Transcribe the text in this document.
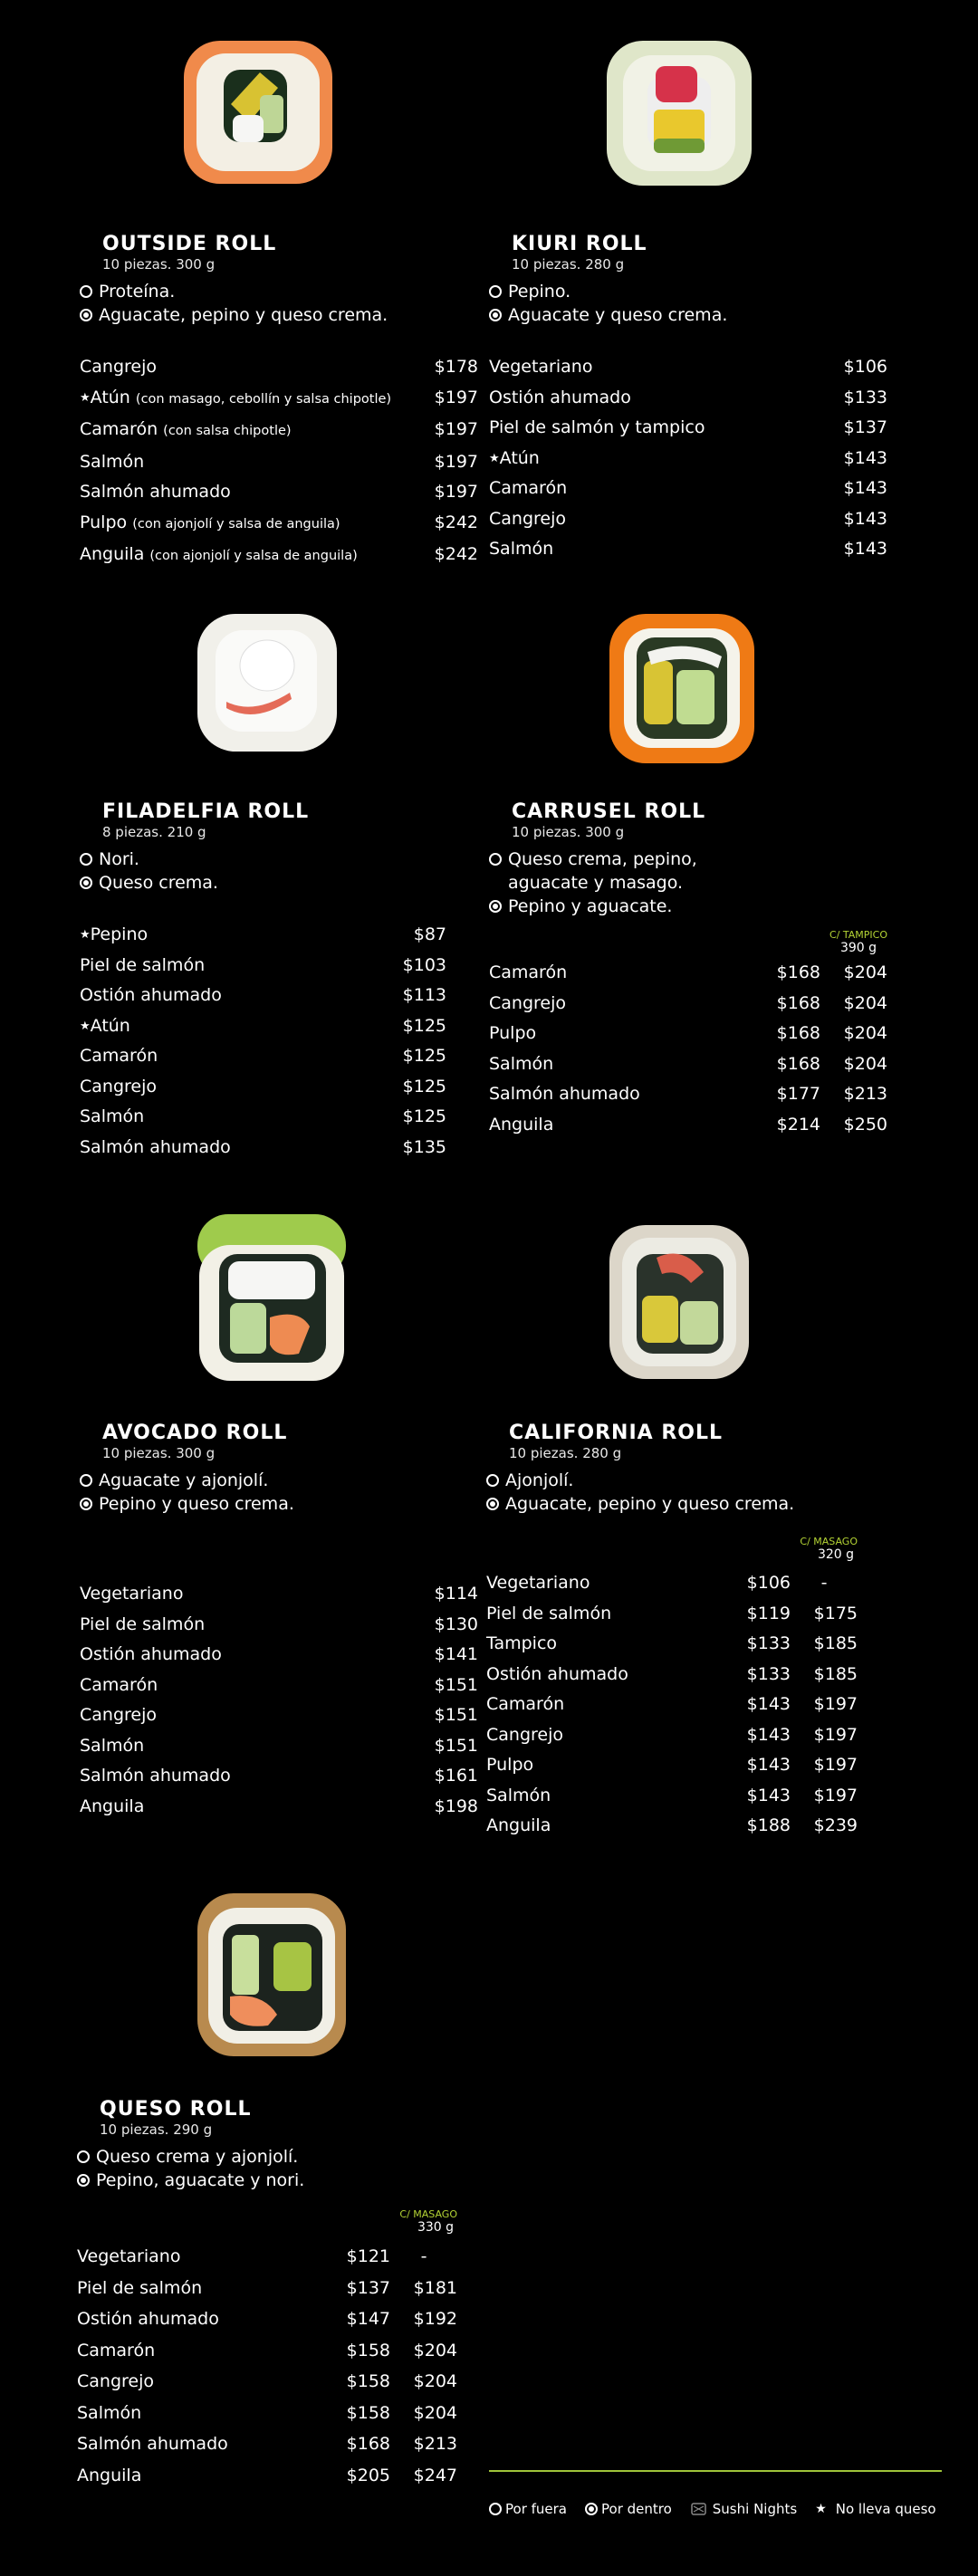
OUTSIDE ROLL
10 piezas. 300 g
Proteína.
Aguacate, pepino y queso crema.
Cangrejo	$178
★Atún (con masago, cebollín y salsa chipotle)	$197
Camarón (con salsa chipotle)	$197
Salmón	$197
Salmón ahumado	$197
Pulpo (con ajonjolí y salsa de anguila)	$242
Anguila (con ajonjolí y salsa de anguila)	$242
KIURI ROLL
10 piezas. 280 g
Pepino.
Aguacate y queso crema.
Vegetariano	$106
Ostión ahumado	$133
Piel de salmón y tampico	$137
★Atún	$143
Camarón	$143
Cangrejo	$143
Salmón	$143
FILADELFIA ROLL
8 piezas. 210 g
Nori.
Queso crema.
★Pepino	$87
Piel de salmón	$103
Ostión ahumado	$113
★Atún	$125
Camarón	$125
Cangrejo	$125
Salmón	$125
Salmón ahumado	$135
CARRUSEL ROLL
10 piezas. 300 g
Queso crema, pepino, aguacate y masago.
Pepino y aguacate.
C/ TAMPICO
390 g
Camarón	$168	$204
Cangrejo	$168	$204
Pulpo	$168	$204
Salmón	$168	$204
Salmón ahumado	$177	$213
Anguila	$214	$250
AVOCADO ROLL
10 piezas. 300 g
Aguacate y ajonjolí.
Pepino y queso crema.
Vegetariano	$114
Piel de salmón	$130
Ostión ahumado	$141
Camarón	$151
Cangrejo	$151
Salmón	$151
Salmón ahumado	$161
Anguila	$198
CALIFORNIA ROLL
10 piezas. 280 g
Ajonjolí.
Aguacate, pepino y queso crema.
C/ MASAGO
320 g
Vegetariano	$106	-
Piel de salmón	$119	$175
Tampico	$133	$185
Ostión ahumado	$133	$185
Camarón	$143	$197
Cangrejo	$143	$197
Pulpo	$143	$197
Salmón	$143	$197
Anguila	$188	$239
QUESO ROLL
10 piezas. 290 g
Queso crema y ajonjolí.
Pepino, aguacate y nori.
C/ MASAGO
330 g
Vegetariano	$121	-
Piel de salmón	$137	$181
Ostión ahumado	$147	$192
Camarón	$158	$204
Cangrejo	$158	$204
Salmón	$158	$204
Salmón ahumado	$168	$213
Anguila	$205	$247
Por fuera	Por dentro	Sushi Nights ★ No lleva queso
